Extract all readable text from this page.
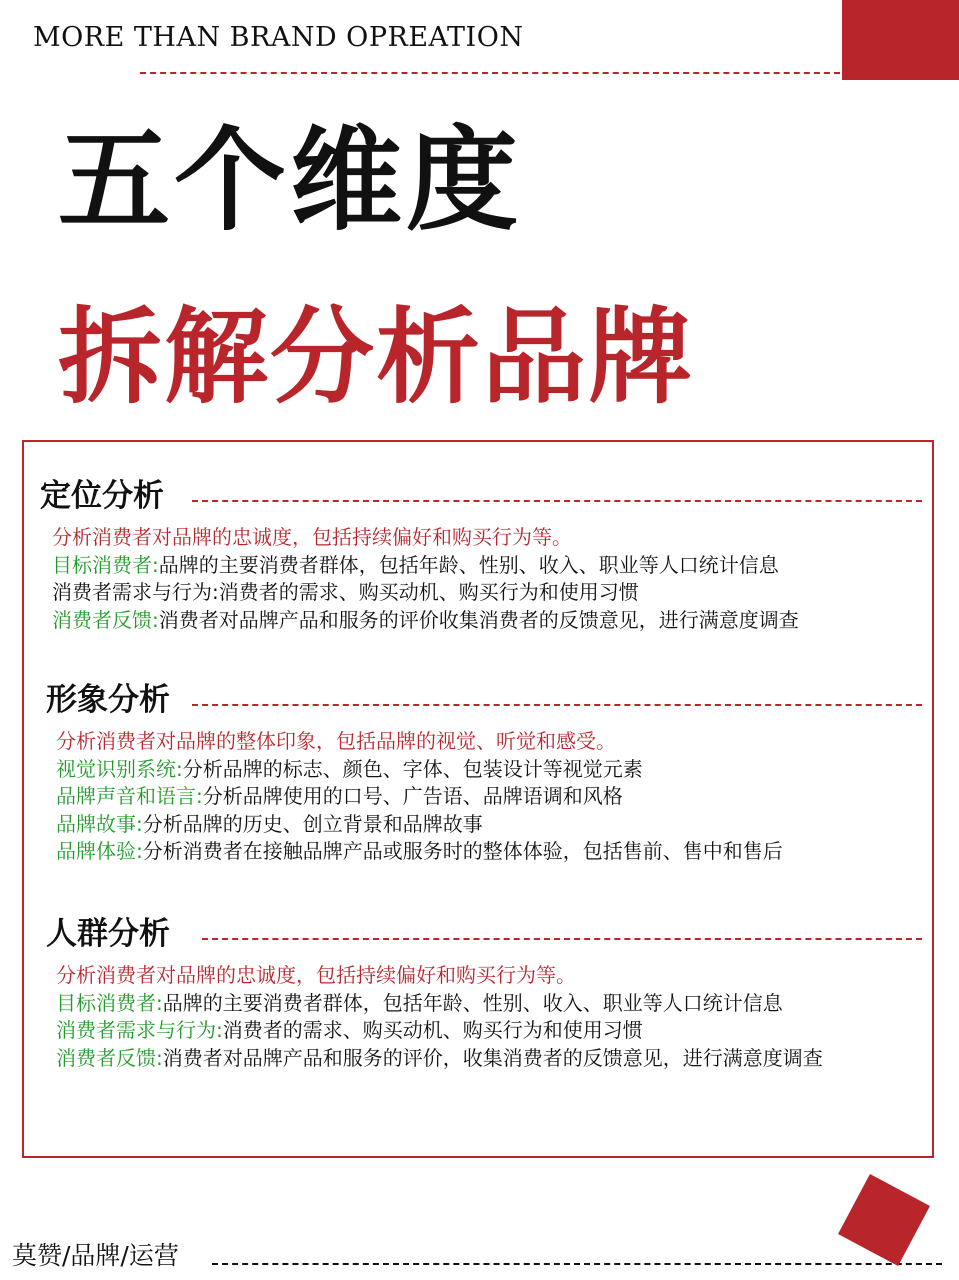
MORE THAN BRAND OPREATION
五个维度
拆解分析品牌
定位分析
分析消费者对品牌的忠诚度，包括持续偏好和购买行为等。
目标消费者:品牌的主要消费者群体，包括年龄、性别、收入、职业等人口统计信息
消费者需求与行为:消费者的需求、购买动机、购买行为和使用习惯
消费者反馈:消费者对品牌产品和服务的评价收集消费者的反馈意见，进行满意度调查
形象分析
分析消费者对品牌的整体印象，包括品牌的视觉、听觉和感受。
视觉识别系统:分析品牌的标志、颜色、字体、包装设计等视觉元素
品牌声音和语言:分析品牌使用的口号、广告语、品牌语调和风格
品牌故事:分析品牌的历史、创立背景和品牌故事
品牌体验:分析消费者在接触品牌产品或服务时的整体体验，包括售前、售中和售后
人群分析
分析消费者对品牌的忠诚度，包括持续偏好和购买行为等。
目标消费者:品牌的主要消费者群体，包括年龄、性别、收入、职业等人口统计信息
消费者需求与行为:消费者的需求、购买动机、购买行为和使用习惯
消费者反馈:消费者对品牌产品和服务的评价，收集消费者的反馈意见，进行满意度调查
莫赞/品牌/运营
